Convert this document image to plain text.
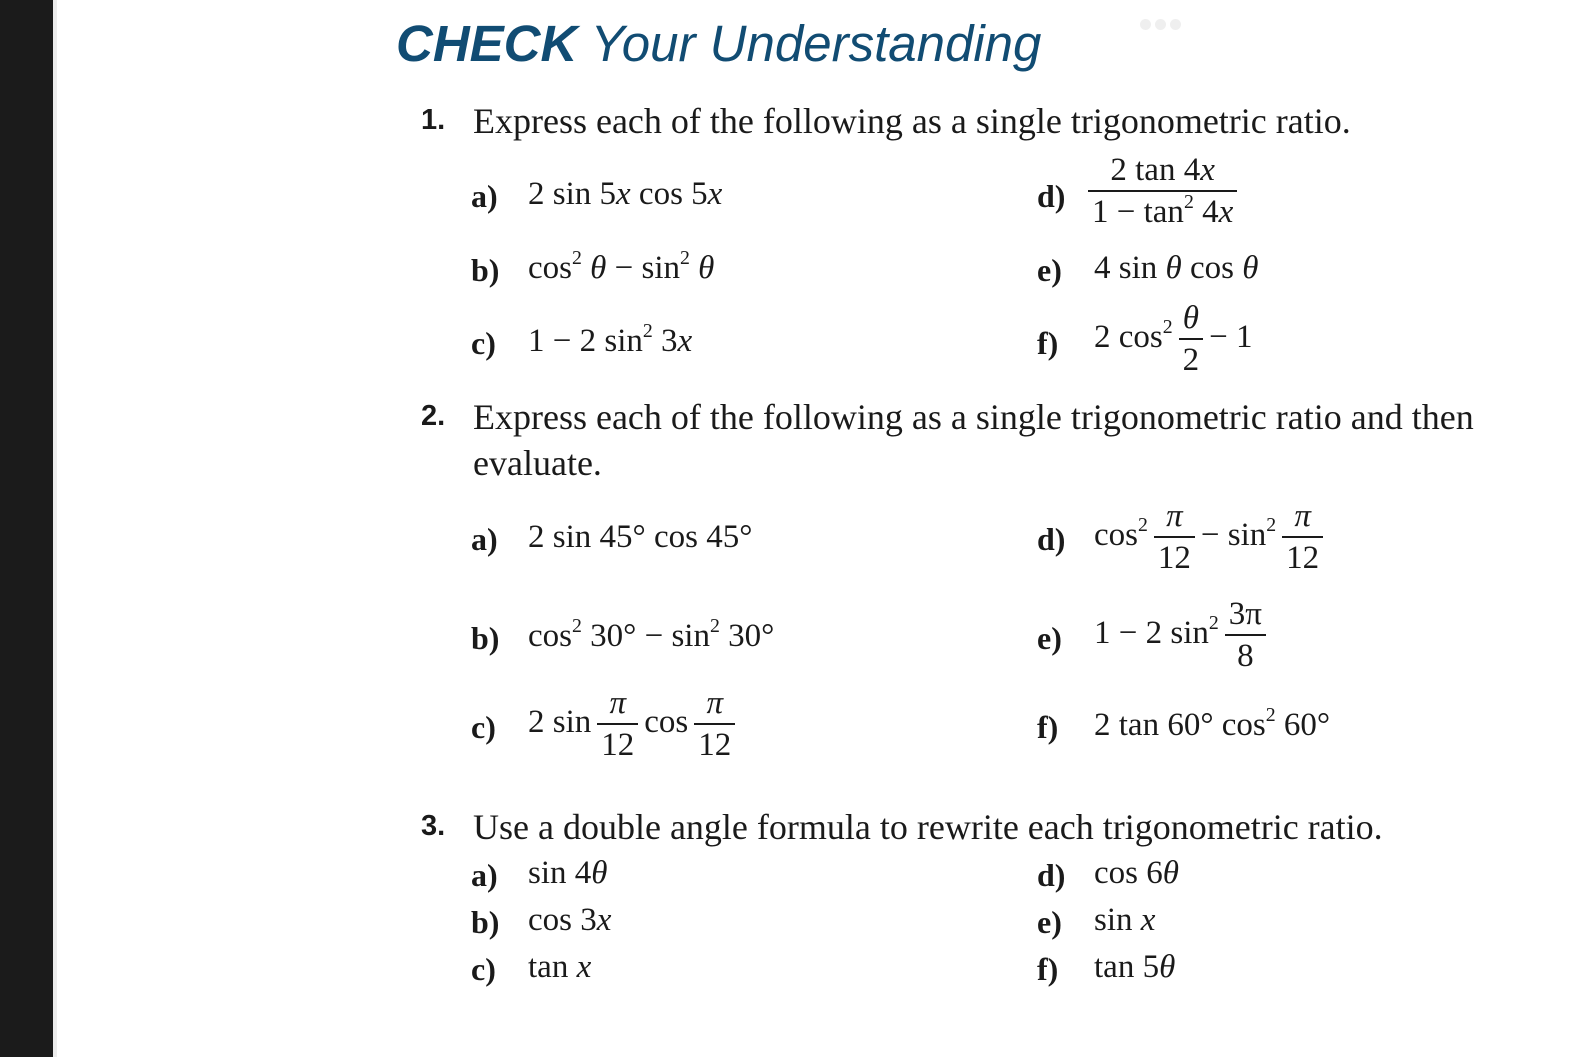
CHECK Your Understanding
1. Express each of the following as a single trigonometric ratio.
a) 2 sin 5x cos 5x
b) $\cos^2 \theta - \sin^2 \theta$
c) 1 − 2 $\sin^2 3x$
$d) \frac{2 \tan 4x}{1 - \tan^2 4x}$
e) 4 sin θ cos θ
f) 2 $\cos^2 \frac{\theta}{2} - 1$
2. Express each of the following as a single trigonometric ratio and then
evaluate.
a) 2 sin 45° cos 45°
b) $\cos^2 30^\circ - \sin^2 30^\circ$
c) 2 $\sin \frac{\pi}{12}$ $\cos \frac{\pi}{12}$
d) $\cos^2 \frac{\pi}{12} - \sin^2 \frac{\pi}{12}$
e) 1 − 2 $\sin^2 \frac{3\pi}{8}$
f) 2 tan 60° $\cos^2 60^\circ$
3. Use a double angle formula to rewrite each trigonometric ratio.
a) sin 4θ
b) cos 3x
c) tan x
d) cos 6θ
e) sin x
f) tan 5θ
